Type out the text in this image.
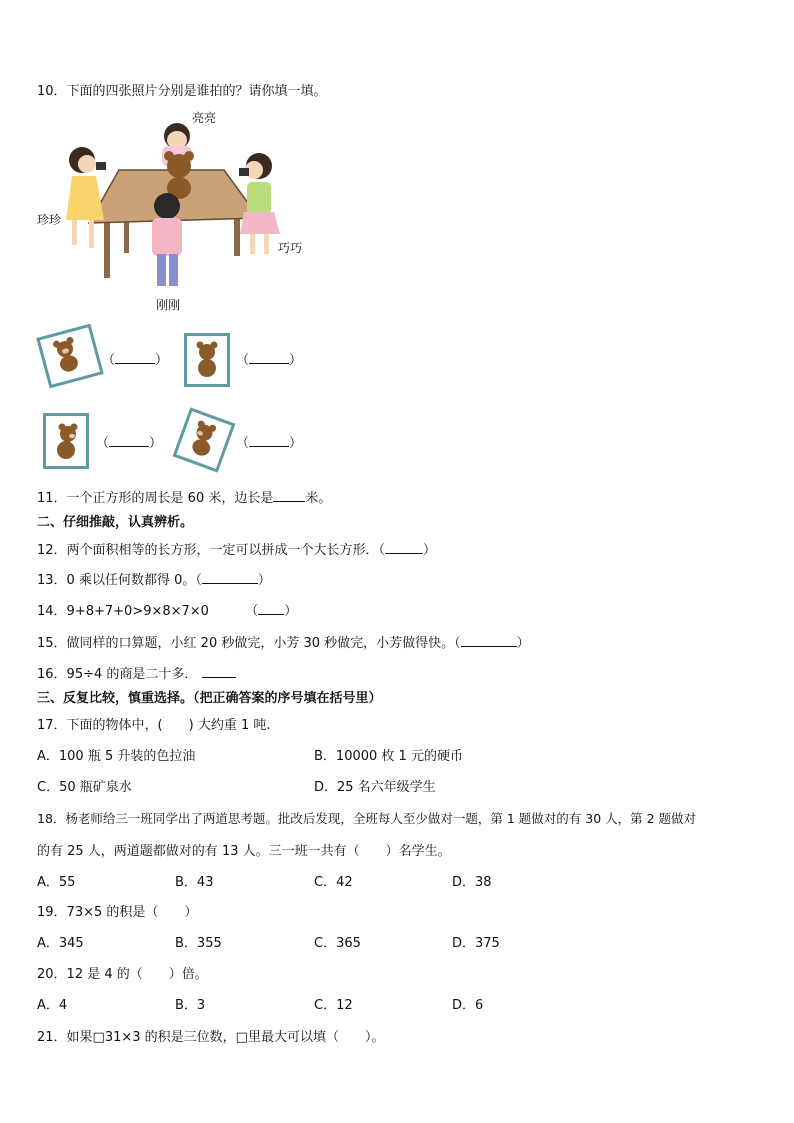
10．下面的四张照片分别是谁拍的？请你填一填。
亮亮
珍珍
巧巧
刚刚
（	）	（	）
（	）	（	）
11．一个正方形的周长是 60 米，边长是 米。
二、仔细推敲，认真辨析。
12．两个面积相等的长方形，一定可以拼成一个大长方形．（	）
13．0 乘以任何数都得 0。（	）
14．9+8+7+0>9×8×7×0	（ ）
15．做同样的口算题，小红 20 秒做完，小芳 30 秒做完，小芳做得快。（	）
16．95÷4 的商是二十多．
三、反复比较，慎重选择。（把正确答案的序号填在括号里）
17．下面的物体中，(　　) 大约重 1 吨.
A．100 瓶 5 升装的色拉油	B．10000 枚 1 元的硬币
C．50 瓶矿泉水	D．25 名六年级学生
18．杨老师给三一班同学出了两道思考题。批改后发现，全班每人至少做对一题，第 1 题做对的有 30 人，第 2 题做对
的有 25 人，两道题都做对的有 13 人。三一班一共有（　　）名学生。
A．55	B．43	C．42	D．38
19．73×5 的积是（　　）
A．345	B．355	C．365	D．375
20．12 是 4 的（　　）倍。
A．4	B．3	C．12	D．6
21．如果□31×3 的积是三位数，□里最大可以填（　　）。
